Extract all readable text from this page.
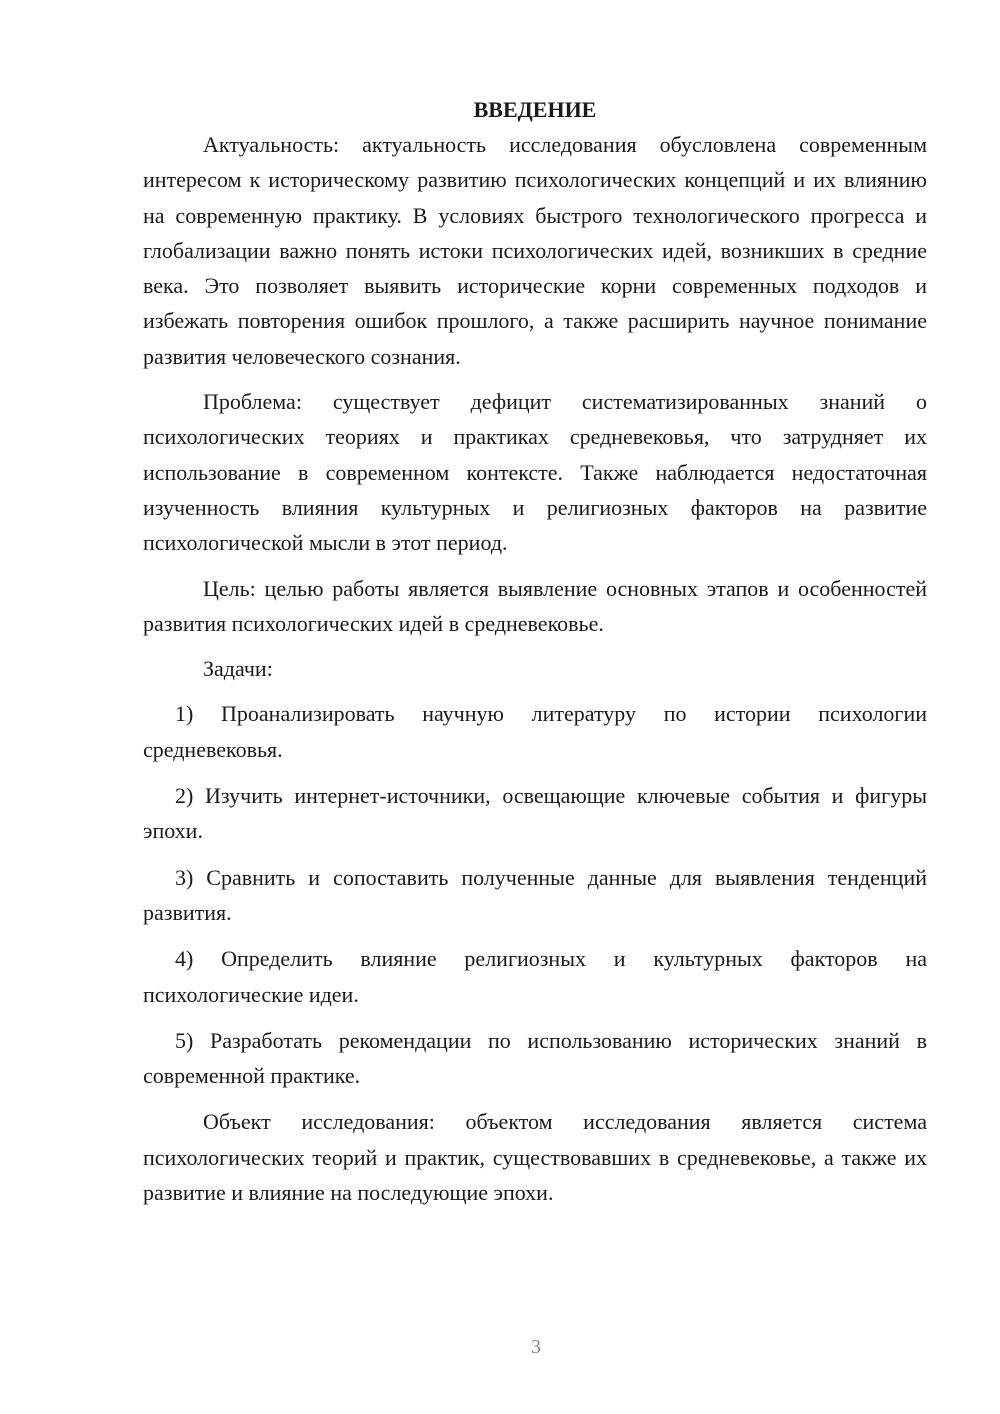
ВВЕДЕНИЕ

Актуальность: актуальность исследования обусловлена современным интересом к историческому развитию психологических концепций и их влиянию на современную практику. В условиях быстрого технологического прогресса и глобализации важно понять истоки психологических идей, возникших в средние века. Это позволяет выявить исторические корни современных подходов и избежать повторения ошибок прошлого, а также расширить научное понимание развития человеческого сознания.

Проблема: существует дефицит систематизированных знаний о психологических теориях и практиках средневековья, что затрудняет их использование в современном контексте. Также наблюдается недостаточная изученность влияния культурных и религиозных факторов на развитие психологической мысли в этот период.

Цель: целью работы является выявление основных этапов и особенностей развития психологических идей в средневековье.

Задачи:

1) Проанализировать научную литературу по истории психологии средневековья.

2) Изучить интернет-источники, освещающие ключевые события и фигуры эпохи.

3) Сравнить и сопоставить полученные данные для выявления тенденций развития.

4) Определить влияние религиозных и культурных факторов на психологические идеи.

5) Разработать рекомендации по использованию исторических знаний в современной практике.

Объект исследования: объектом исследования является система психологических теорий и практик, существовавших в средневековье, а также их развитие и влияние на последующие эпохи.

3
